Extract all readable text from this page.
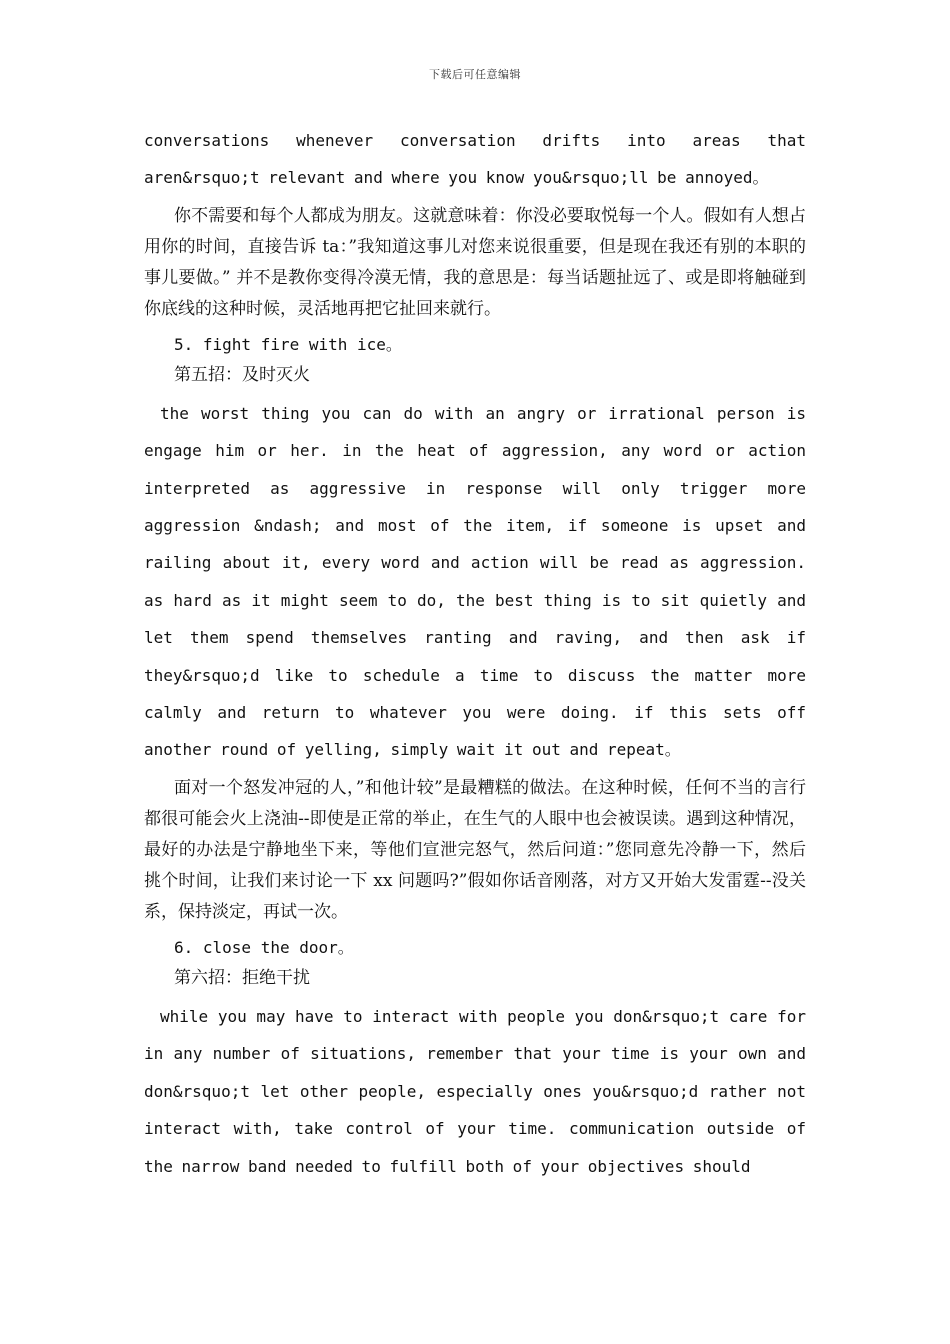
下载后可任意编辑

conversations whenever conversation drifts into areas that aren&rsquo;t relevant and where you know you&rsquo;ll be annoyed。

你不需要和每个人都成为朋友。这就意味着：你没必要取悦每一个人。假如有人想占用你的时间，直接告诉 ta：”我知道这事儿对您来说很重要，但是现在我还有别的本职的事儿要做。” 并不是教你变得冷漠无情，我的意思是：每当话题扯远了、或是即将触碰到你底线的这种时候，灵活地再把它扯回来就行。

5. fight fire with ice。

第五招：及时灭火

the worst thing you can do with an angry or irrational person is engage him or her. in the heat of aggression, any word or action interpreted as aggressive in response will only trigger more aggression &ndash; and most of the item, if someone is upset and railing about it, every word and action will be read as aggression. as hard as it might seem to do, the best thing is to sit quietly and let them spend themselves ranting and raving, and then ask if they&rsquo;d like to schedule a time to discuss the matter more calmly and return to whatever you were doing. if this sets off another round of yelling, simply wait it out and repeat。

面对一个怒发冲冠的人，”和他计较”是最糟糕的做法。在这种时候，任何不当的言行都很可能会火上浇油--即使是正常的举止，在生气的人眼中也会被误读。遇到这种情况，最好的办法是宁静地坐下来，等他们宣泄完怒气，然后问道：”您同意先冷静一下，然后挑个时间，让我们来讨论一下 xx 问题吗?”假如你话音刚落，对方又开始大发雷霆--没关系，保持淡定，再试一次。

6. close the door。

第六招：拒绝干扰

while you may have to interact with people you don&rsquo;t care for in any number of situations, remember that your time is your own and don&rsquo;t let other people, especially ones you&rsquo;d rather not interact with, take control of your time. communication outside of the narrow band needed to fulfill both of your objectives should
